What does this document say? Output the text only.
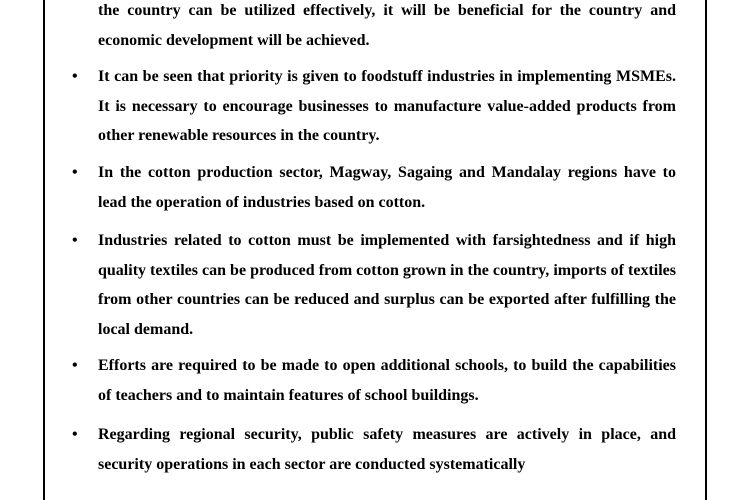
the country can be utilized effectively, it will be beneficial for the country and economic development will be achieved.

• It can be seen that priority is given to foodstuff industries in implementing MSMEs. It is necessary to encourage businesses to manufacture value-added products from other renewable resources in the country.

• In the cotton production sector, Magway, Sagaing and Mandalay regions have to lead the operation of industries based on cotton.

• Industries related to cotton must be implemented with farsightedness and if high quality textiles can be produced from cotton grown in the country, imports of textiles from other countries can be reduced and surplus can be exported after fulfilling the local demand.

• Efforts are required to be made to open additional schools, to build the capabilities of teachers and to maintain features of school buildings.

• Regarding regional security, public safety measures are actively in place, and security operations in each sector are conducted systematically
